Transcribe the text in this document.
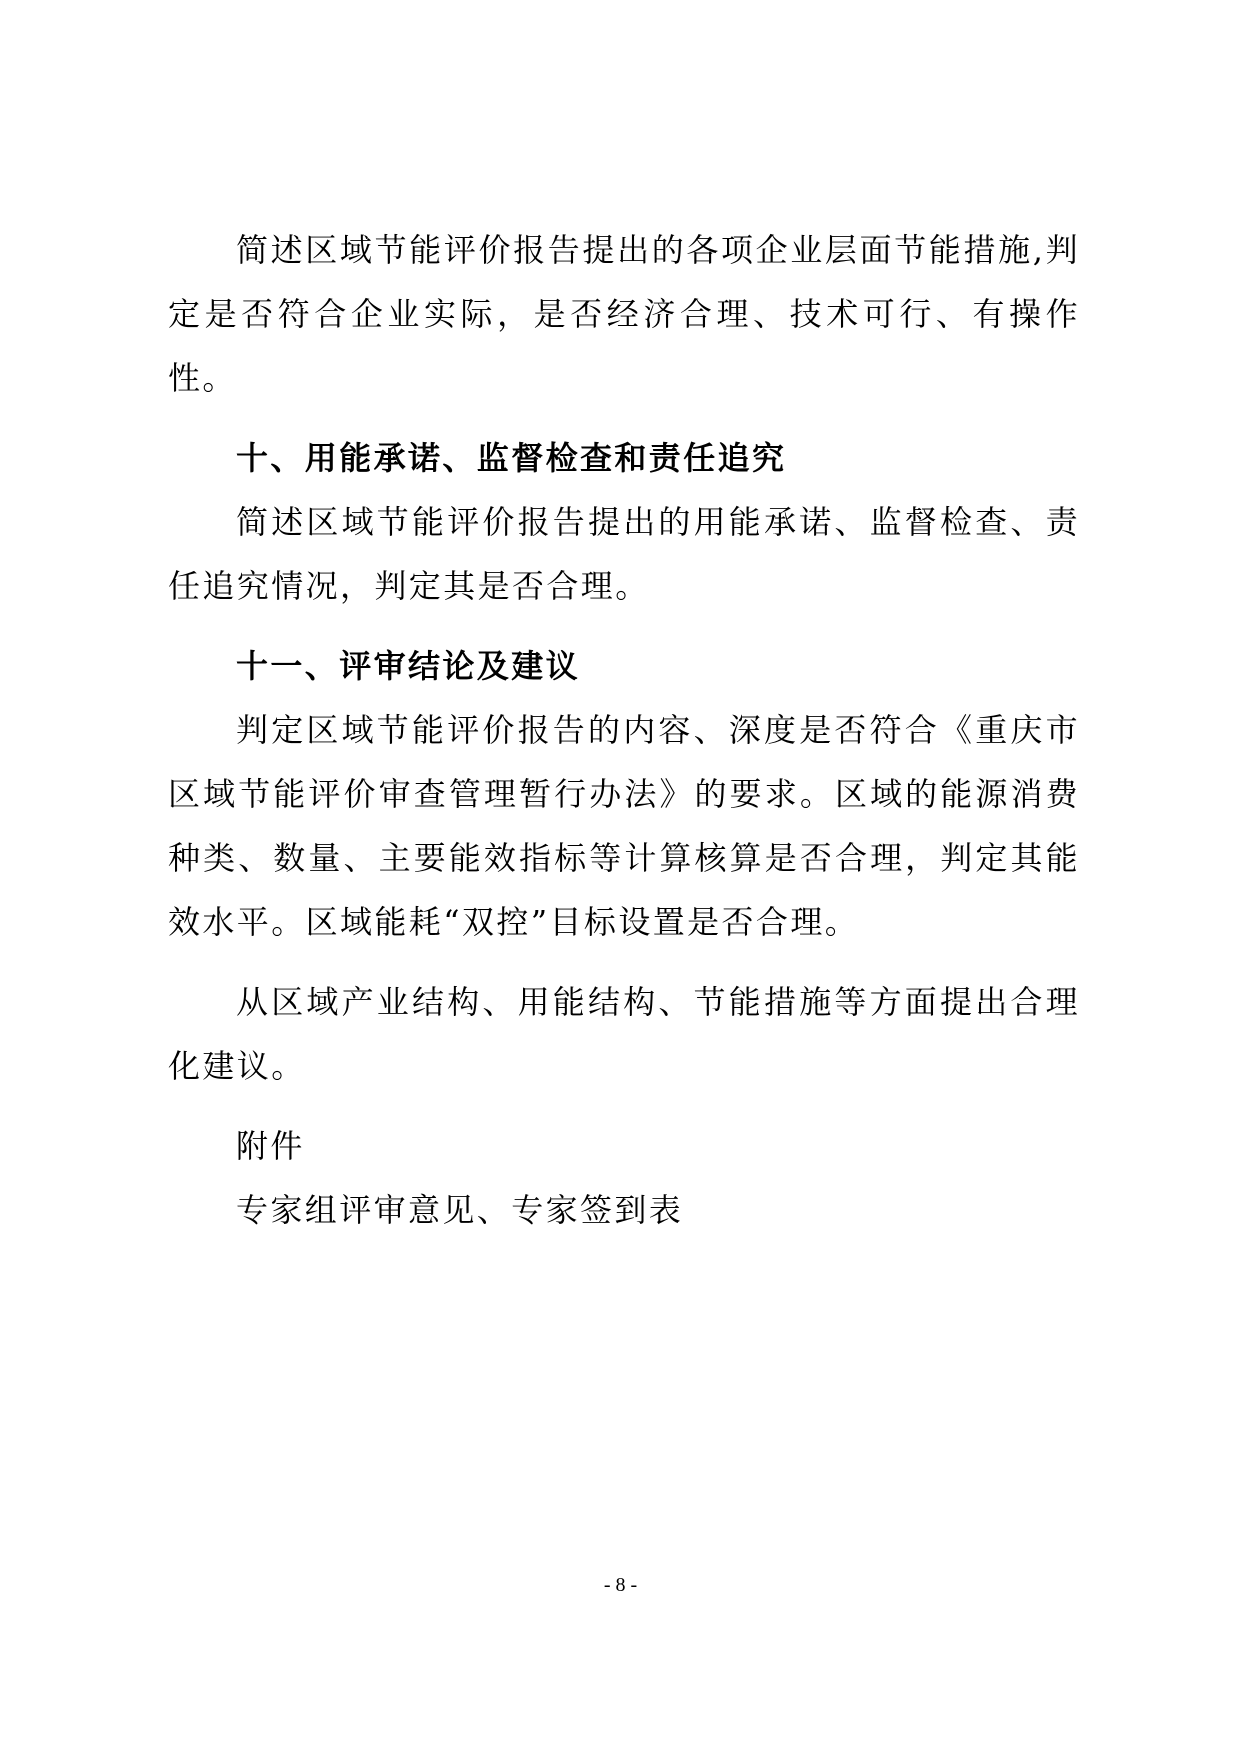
简述区域节能评价报告提出的各项企业层面节能措施,判定是否符合企业实际，是否经济合理、技术可行、有操作性。

十、用能承诺、监督检查和责任追究

简述区域节能评价报告提出的用能承诺、监督检查、责任追究情况，判定其是否合理。

十一、评审结论及建议

判定区域节能评价报告的内容、深度是否符合《重庆市区域节能评价审查管理暂行办法》的要求。区域的能源消费种类、数量、主要能效指标等计算核算是否合理，判定其能效水平。区域能耗“双控”目标设置是否合理。

从区域产业结构、用能结构、节能措施等方面提出合理化建议。

附件

专家组评审意见、专家签到表

- 8 -
